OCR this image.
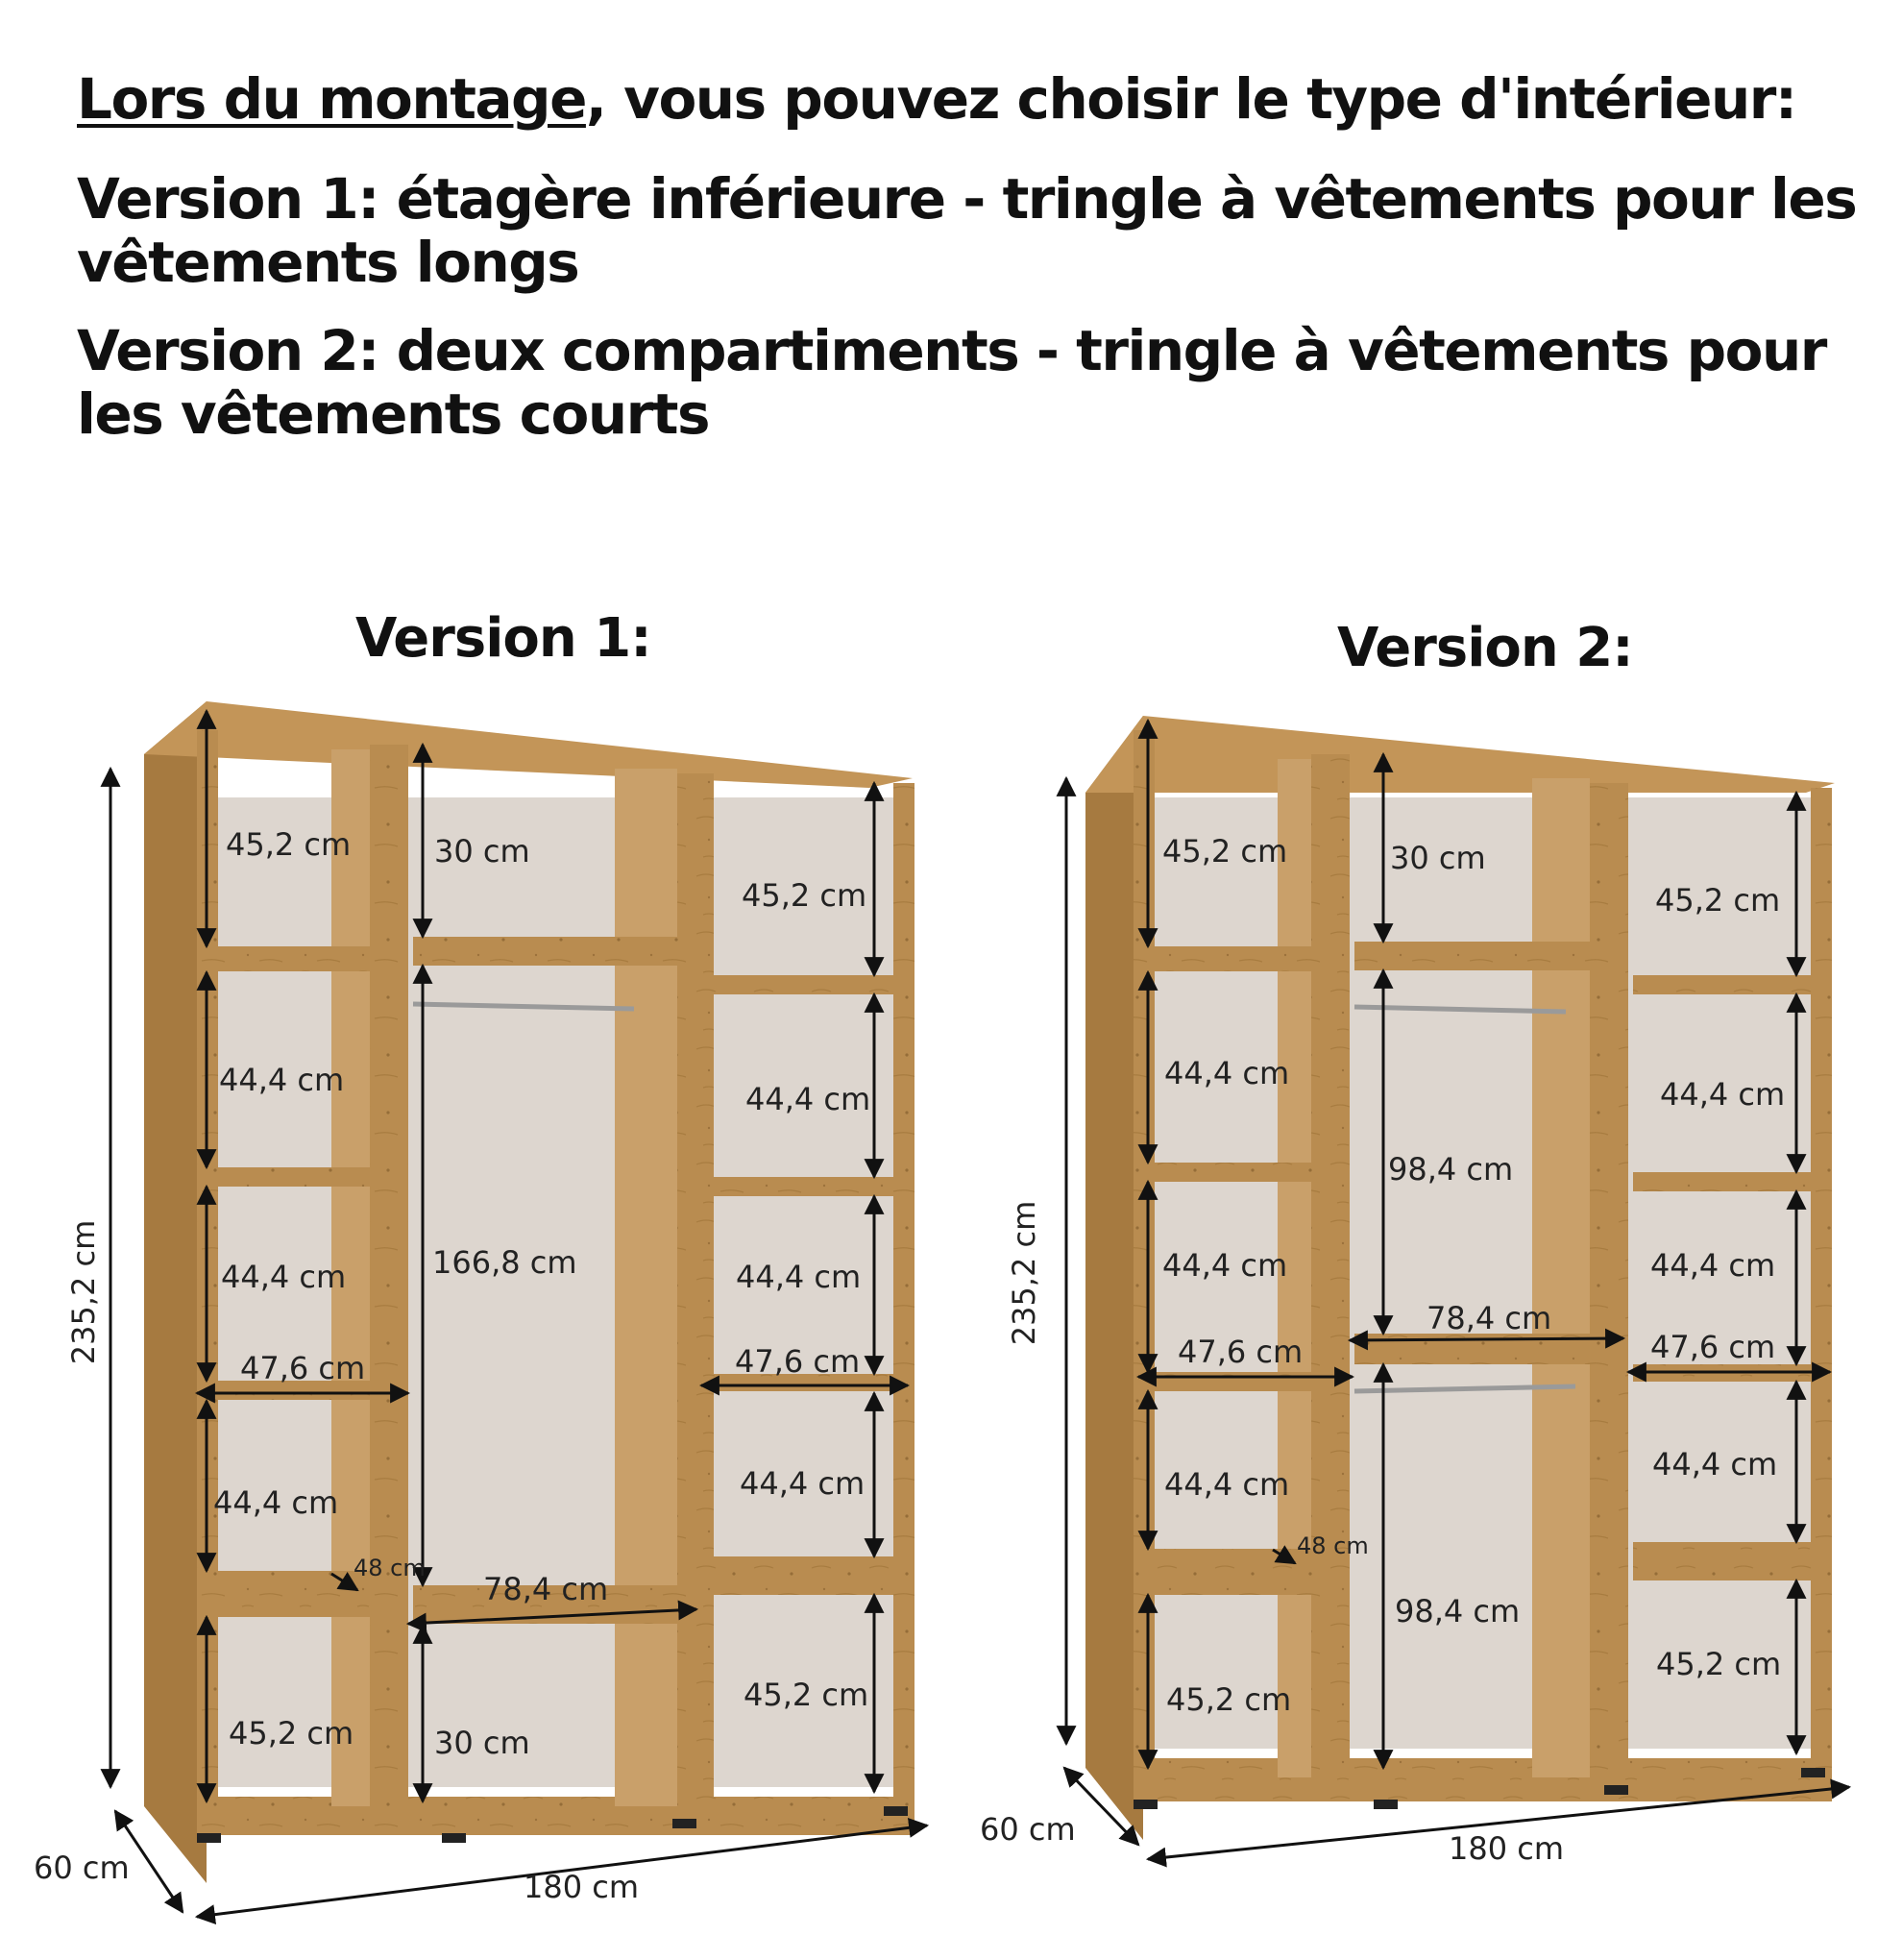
Lors du montage, vous pouvez choisir le type d'intérieur:

Version 1: étagère inférieure - tringle à vêtements pour les vêtements longs

Version 2: deux compartiments - tringle à vêtements pour les vêtements courts

Version 1:	Version 2:
235,2 cm
60 cm
180 cm
45,2 cm
44,4 cm
44,4 cm
47,6 cm
44,4 cm
48 cm
45,2 cm
30 cm
166,8 cm
78,4 cm
30 cm
45,2 cm
44,4 cm
44,4 cm
47,6 cm
44,4 cm
45,2 cm
235,2 cm
60 cm
180 cm
45,2 cm
44,4 cm
44,4 cm
47,6 cm
44,4 cm
48 cm
45,2 cm
30 cm
98,4 cm
78,4 cm
98,4 cm
45,2 cm
44,4 cm
44,4 cm
47,6 cm
44,4 cm
45,2 cm
